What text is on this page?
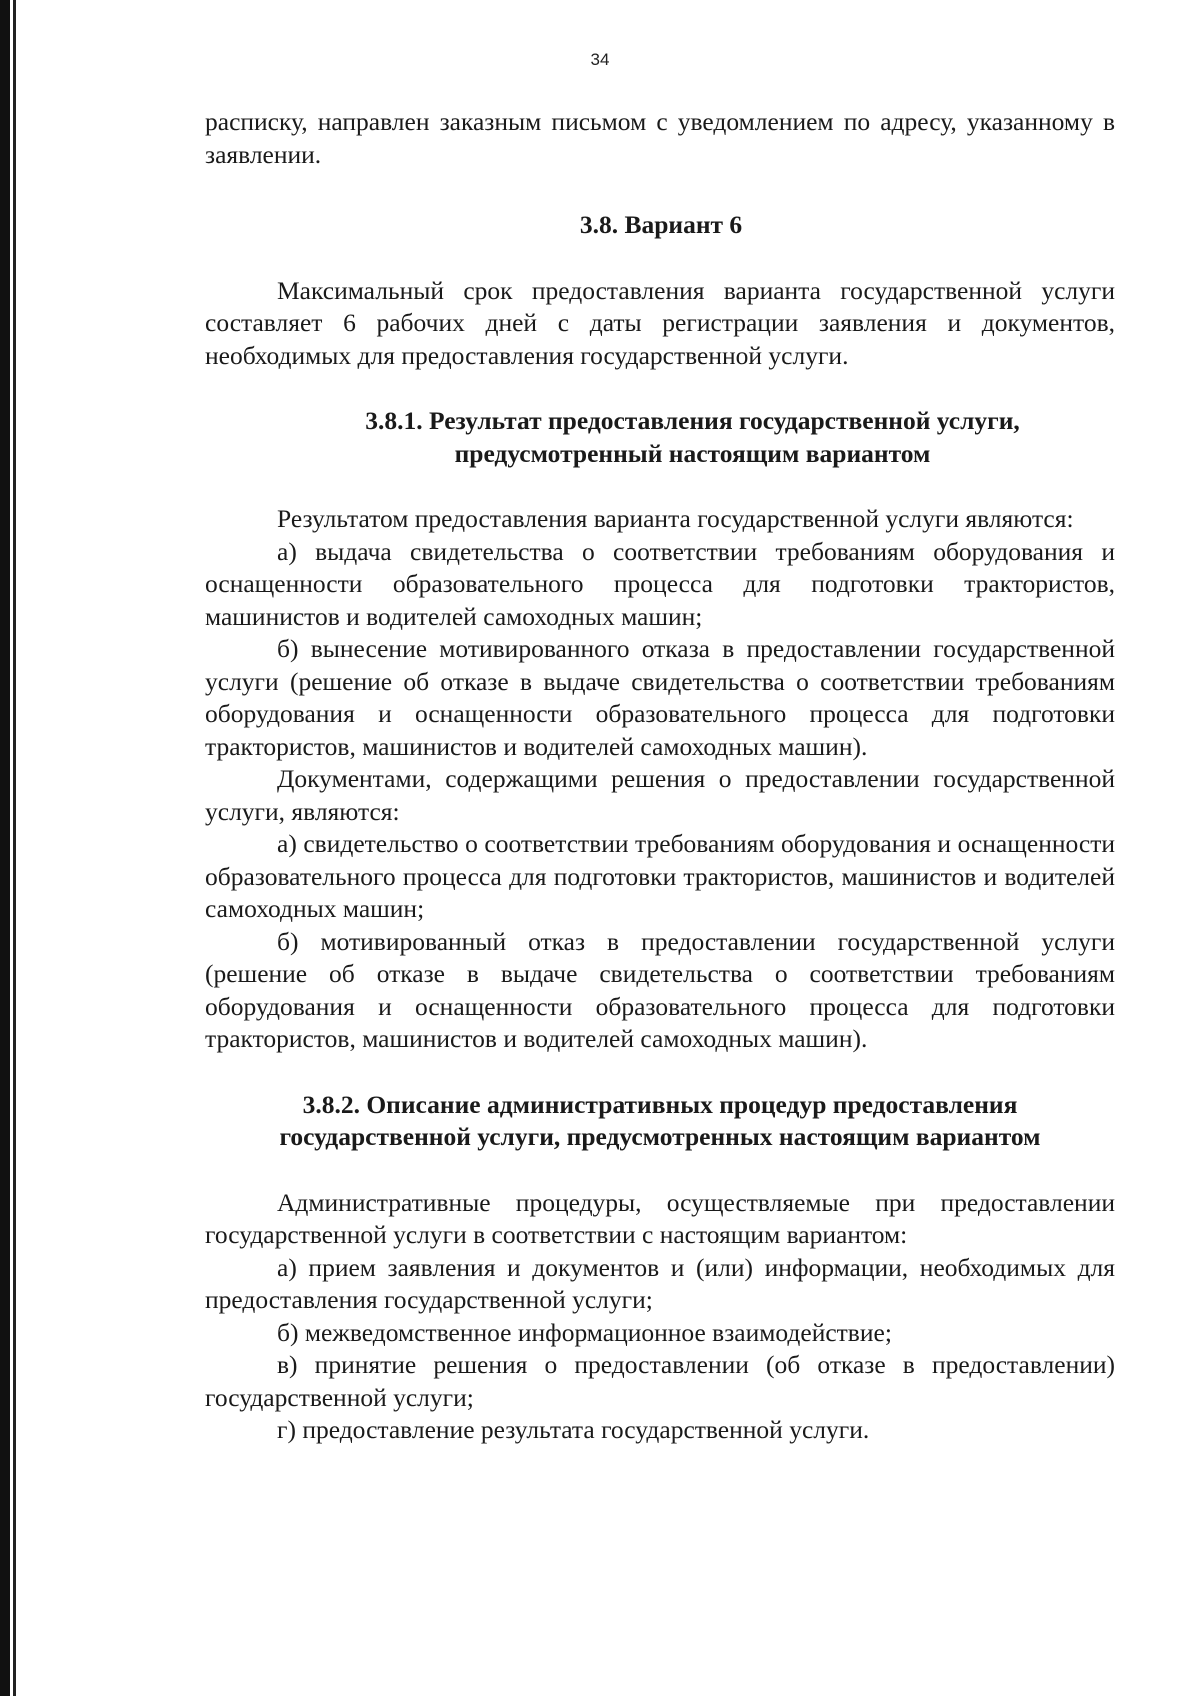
34

расписку, направлен заказным письмом с уведомлением по адресу, указанному в заявлении.

3.8. Вариант 6

Максимальный срок предоставления варианта государственной услуги составляет 6 рабочих дней с даты регистрации заявления и документов, необходимых для предоставления государственной услуги.

3.8.1. Результат предоставления государственной услуги, предусмотренный настоящим вариантом

Результатом предоставления варианта государственной услуги являются:

а) выдача свидетельства о соответствии требованиям оборудования и оснащенности образовательного процесса для подготовки трактористов, машинистов и водителей самоходных машин;

б) вынесение мотивированного отказа в предоставлении государственной услуги (решение об отказе в выдаче свидетельства о соответствии требованиям оборудования и оснащенности образовательного процесса для подготовки трактористов, машинистов и водителей самоходных машин).

Документами, содержащими решения о предоставлении государственной услуги, являются:

а) свидетельство о соответствии требованиям оборудования и оснащенности образовательного процесса для подготовки трактористов, машинистов и водителей самоходных машин;

б) мотивированный отказ в предоставлении государственной услуги (решение об отказе в выдаче свидетельства о соответствии требованиям оборудования и оснащенности образовательного процесса для подготовки трактористов, машинистов и водителей самоходных машин).

3.8.2. Описание административных процедур предоставления государственной услуги, предусмотренных настоящим вариантом

Административные процедуры, осуществляемые при предоставлении государственной услуги в соответствии с настоящим вариантом:

а) прием заявления и документов и (или) информации, необходимых для предоставления государственной услуги;

б) межведомственное информационное взаимодействие;

в) принятие решения о предоставлении (об отказе в предоставлении) государственной услуги;

г) предоставление результата государственной услуги.
